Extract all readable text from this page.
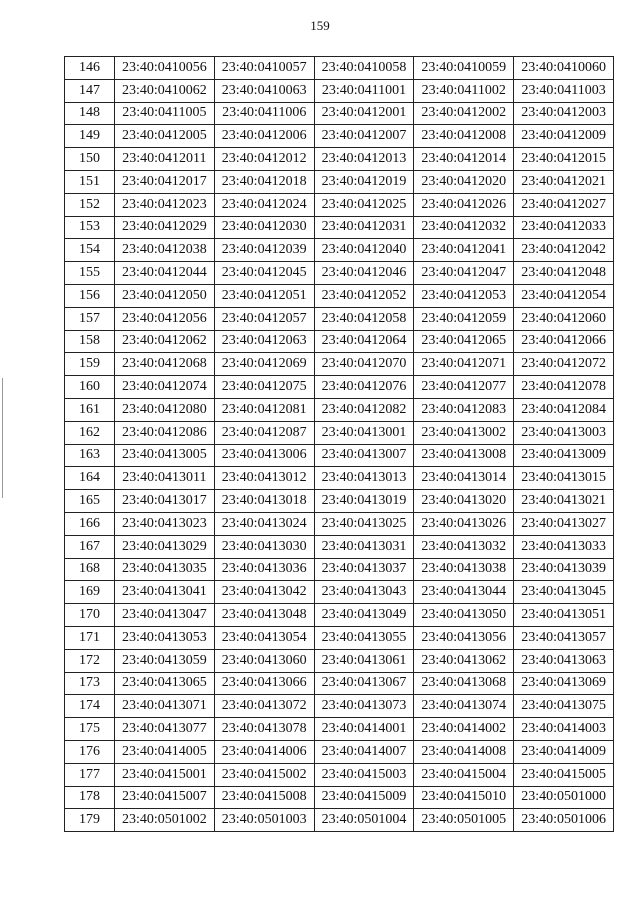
159
146	23:40:0410056	23:40:0410057	23:40:0410058	23:40:0410059	23:40:0410060
147	23:40:0410062	23:40:0410063	23:40:0411001	23:40:0411002	23:40:0411003
148	23:40:0411005	23:40:0411006	23:40:0412001	23:40:0412002	23:40:0412003
149	23:40:0412005	23:40:0412006	23:40:0412007	23:40:0412008	23:40:0412009
150	23:40:0412011	23:40:0412012	23:40:0412013	23:40:0412014	23:40:0412015
151	23:40:0412017	23:40:0412018	23:40:0412019	23:40:0412020	23:40:0412021
152	23:40:0412023	23:40:0412024	23:40:0412025	23:40:0412026	23:40:0412027
153	23:40:0412029	23:40:0412030	23:40:0412031	23:40:0412032	23:40:0412033
154	23:40:0412038	23:40:0412039	23:40:0412040	23:40:0412041	23:40:0412042
155	23:40:0412044	23:40:0412045	23:40:0412046	23:40:0412047	23:40:0412048
156	23:40:0412050	23:40:0412051	23:40:0412052	23:40:0412053	23:40:0412054
157	23:40:0412056	23:40:0412057	23:40:0412058	23:40:0412059	23:40:0412060
158	23:40:0412062	23:40:0412063	23:40:0412064	23:40:0412065	23:40:0412066
159	23:40:0412068	23:40:0412069	23:40:0412070	23:40:0412071	23:40:0412072
160	23:40:0412074	23:40:0412075	23:40:0412076	23:40:0412077	23:40:0412078
161	23:40:0412080	23:40:0412081	23:40:0412082	23:40:0412083	23:40:0412084
162	23:40:0412086	23:40:0412087	23:40:0413001	23:40:0413002	23:40:0413003
163	23:40:0413005	23:40:0413006	23:40:0413007	23:40:0413008	23:40:0413009
164	23:40:0413011	23:40:0413012	23:40:0413013	23:40:0413014	23:40:0413015
165	23:40:0413017	23:40:0413018	23:40:0413019	23:40:0413020	23:40:0413021
166	23:40:0413023	23:40:0413024	23:40:0413025	23:40:0413026	23:40:0413027
167	23:40:0413029	23:40:0413030	23:40:0413031	23:40:0413032	23:40:0413033
168	23:40:0413035	23:40:0413036	23:40:0413037	23:40:0413038	23:40:0413039
169	23:40:0413041	23:40:0413042	23:40:0413043	23:40:0413044	23:40:0413045
170	23:40:0413047	23:40:0413048	23:40:0413049	23:40:0413050	23:40:0413051
171	23:40:0413053	23:40:0413054	23:40:0413055	23:40:0413056	23:40:0413057
172	23:40:0413059	23:40:0413060	23:40:0413061	23:40:0413062	23:40:0413063
173	23:40:0413065	23:40:0413066	23:40:0413067	23:40:0413068	23:40:0413069
174	23:40:0413071	23:40:0413072	23:40:0413073	23:40:0413074	23:40:0413075
175	23:40:0413077	23:40:0413078	23:40:0414001	23:40:0414002	23:40:0414003
176	23:40:0414005	23:40:0414006	23:40:0414007	23:40:0414008	23:40:0414009
177	23:40:0415001	23:40:0415002	23:40:0415003	23:40:0415004	23:40:0415005
178	23:40:0415007	23:40:0415008	23:40:0415009	23:40:0415010	23:40:0501000
179	23:40:0501002	23:40:0501003	23:40:0501004	23:40:0501005	23:40:0501006
